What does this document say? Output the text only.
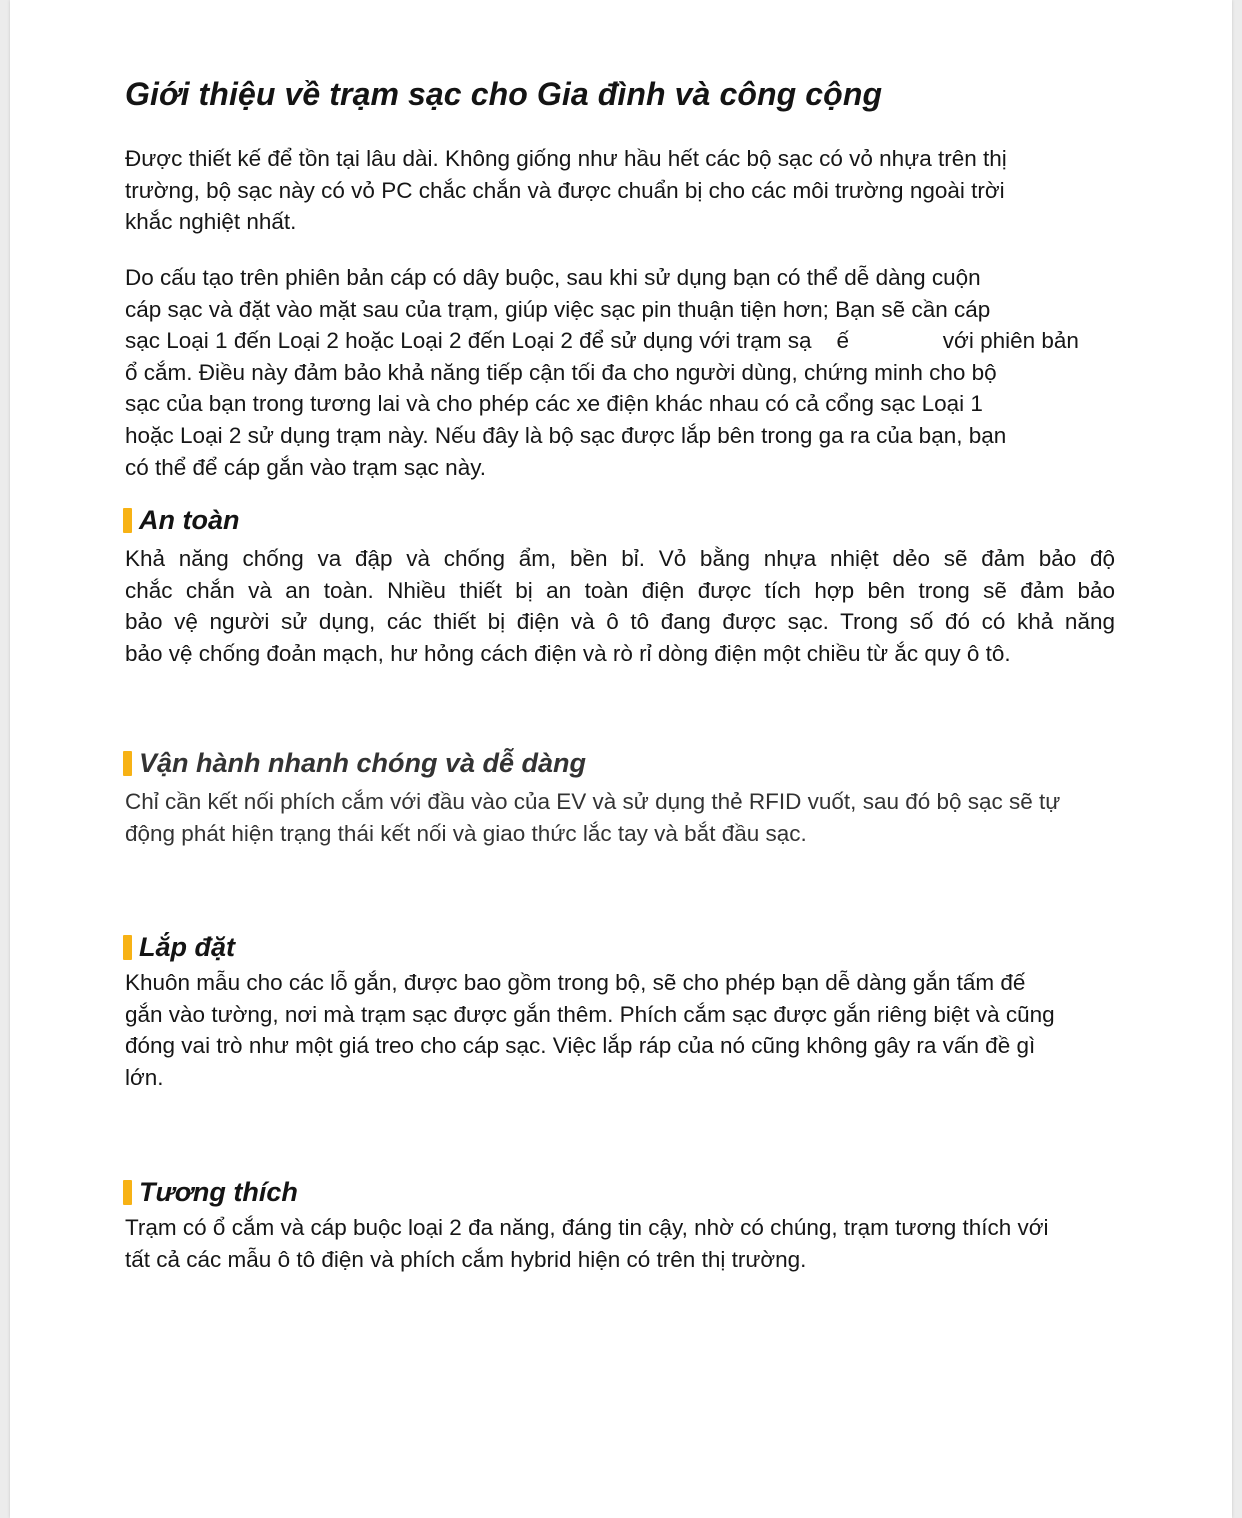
Giới thiệu về trạm sạc cho Gia đình và công cộng

Được thiết kế để tồn tại lâu dài. Không giống như hầu hết các bộ sạc có vỏ nhựa trên thị
trường, bộ sạc này có vỏ PC chắc chắn và được chuẩn bị cho các môi trường ngoài trời
khắc nghiệt nhất.

Do cấu tạo trên phiên bản cáp có dây buộc, sau khi sử dụng bạn có thể dễ dàng cuộn
cáp sạc và đặt vào mặt sau của trạm, giúp việc sạc pin thuận tiện hơn; Bạn sẽ cần cáp
sạc Loại 1 đến Loại 2 hoặc Loại 2 đến Loại 2 để sử dụng với trạm sạ    ế               với phiên bản
ổ cắm. Điều này đảm bảo khả năng tiếp cận tối đa cho người dùng, chứng minh cho bộ
sạc của bạn trong tương lai và cho phép các xe điện khác nhau có cả cổng sạc Loại 1
hoặc Loại 2 sử dụng trạm này. Nếu đây là bộ sạc được lắp bên trong ga ra của bạn, bạn
có thể để cáp gắn vào trạm sạc này.

An toàn

Khả năng chống va đập và chống ẩm, bền bỉ. Vỏ bằng nhựa nhiệt dẻo sẽ đảm bảo độ
chắc chắn và an toàn. Nhiều thiết bị an toàn điện được tích hợp bên trong sẽ đảm bảo
bảo vệ người sử dụng, các thiết bị điện và ô tô đang được sạc. Trong số đó có khả năng
bảo vệ chống đoản mạch, hư hỏng cách điện và rò rỉ dòng điện một chiều từ ắc quy ô tô.

Vận hành nhanh chóng và dễ dàng

Chỉ cần kết nối phích cắm với đầu vào của EV và sử dụng thẻ RFID vuốt, sau đó bộ sạc sẽ tự
động phát hiện trạng thái kết nối và giao thức lắc tay và bắt đầu sạc.

Lắp đặt

Khuôn mẫu cho các lỗ gắn, được bao gồm trong bộ, sẽ cho phép bạn dễ dàng gắn tấm đế
gắn vào tường, nơi mà trạm sạc được gắn thêm. Phích cắm sạc được gắn riêng biệt và cũng
đóng vai trò như một giá treo cho cáp sạc. Việc lắp ráp của nó cũng không gây ra vấn đề gì
lớn.

Tương thích

Trạm có ổ cắm và cáp buộc loại 2 đa năng, đáng tin cậy, nhờ có chúng, trạm tương thích với
tất cả các mẫu ô tô điện và phích cắm hybrid hiện có trên thị trường.
